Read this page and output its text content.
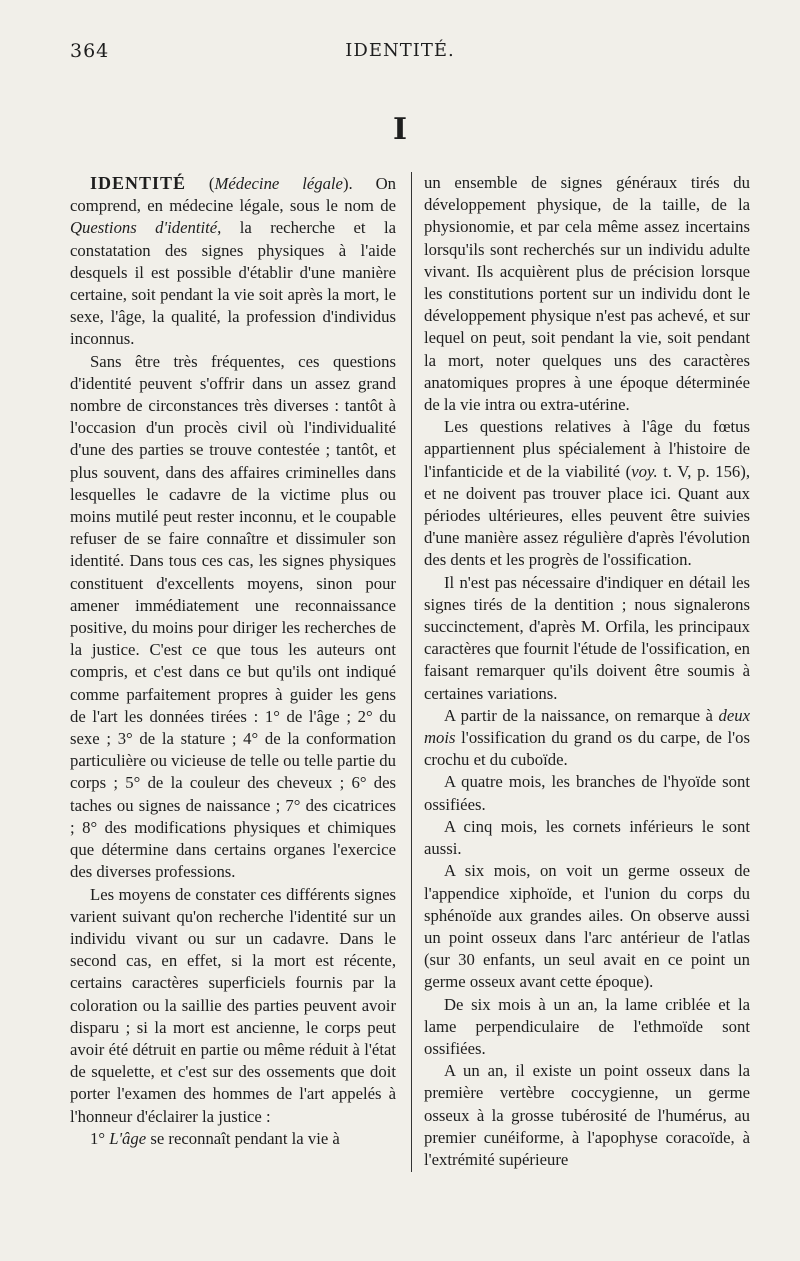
364	IDENTITÉ.
I

IDENTITÉ (Médecine légale). On comprend, en médecine légale, sous le nom de Questions d'identité, la recherche et la constatation des signes physiques à l'aide desquels il est possible d'établir d'une manière certaine, soit pendant la vie soit après la mort, le sexe, l'âge, la qualité, la profession d'individus inconnus.

Sans être très fréquentes, ces questions d'identité peuvent s'offrir dans un assez grand nombre de circonstances très diverses : tantôt à l'occasion d'un procès civil où l'individualité d'une des parties se trouve contestée ; tantôt, et plus souvent, dans des affaires criminelles dans lesquelles le cadavre de la victime plus ou moins mutilé peut rester inconnu, et le coupable refuser de se faire connaître et dissimuler son identité. Dans tous ces cas, les signes physiques constituent d'excellents moyens, sinon pour amener immédiatement une reconnaissance positive, du moins pour diriger les recherches de la justice. C'est ce que tous les auteurs ont compris, et c'est dans ce but qu'ils ont indiqué comme parfaitement propres à guider les gens de l'art les données tirées : 1° de l'âge ; 2° du sexe ; 3° de la stature ; 4° de la conformation particulière ou vicieuse de telle ou telle partie du corps ; 5° de la couleur des cheveux ; 6° des taches ou signes de naissance ; 7° des cicatrices ; 8° des modifications physiques et chimiques que détermine dans certains organes l'exercice des diverses professions.

Les moyens de constater ces différents signes varient suivant qu'on recherche l'identité sur un individu vivant ou sur un cadavre. Dans le second cas, en effet, si la mort est récente, certains caractères superficiels fournis par la coloration ou la saillie des parties peuvent avoir disparu ; si la mort est ancienne, le corps peut avoir été détruit en partie ou même réduit à l'état de squelette, et c'est sur des ossements que doit porter l'examen des hommes de l'art appelés à l'honneur d'éclairer la justice :

1° L'âge se reconnaît pendant la vie à

un ensemble de signes généraux tirés du développement physique, de la taille, de la physionomie, et par cela même assez incertains lorsqu'ils sont recherchés sur un individu adulte vivant. Ils acquièrent plus de précision lorsque les constitutions portent sur un individu dont le développement physique n'est pas achevé, et sur lequel on peut, soit pendant la vie, soit pendant la mort, noter quelques uns des caractères anatomiques propres à une époque déterminée de la vie intra ou extra-utérine.

Les questions relatives à l'âge du fœtus appartiennent plus spécialement à l'histoire de l'infanticide et de la viabilité (voy. t. V, p. 156), et ne doivent pas trouver place ici. Quant aux périodes ultérieures, elles peuvent être suivies d'une manière assez régulière d'après l'évolution des dents et les progrès de l'ossification.

Il n'est pas nécessaire d'indiquer en détail les signes tirés de la dentition ; nous signalerons succinctement, d'après M. Orfila, les principaux caractères que fournit l'étude de l'ossification, en faisant remarquer qu'ils doivent être soumis à certaines variations.

A partir de la naissance, on remarque à deux mois l'ossification du grand os du carpe, de l'os crochu et du cuboïde.

A quatre mois, les branches de l'hyoïde sont ossifiées.

A cinq mois, les cornets inférieurs le sont aussi.

A six mois, on voit un germe osseux de l'appendice xiphoïde, et l'union du corps du sphénoïde aux grandes ailes. On observe aussi un point osseux dans l'arc antérieur de l'atlas (sur 30 enfants, un seul avait en ce point un germe osseux avant cette époque).

De six mois à un an, la lame criblée et la lame perpendiculaire de l'ethmoïde sont ossifiées.

A un an, il existe un point osseux dans la première vertèbre coccygienne, un germe osseux à la grosse tubérosité de l'humérus, au premier cunéiforme, à l'apophyse coracoïde, à l'extrémité supérieure
